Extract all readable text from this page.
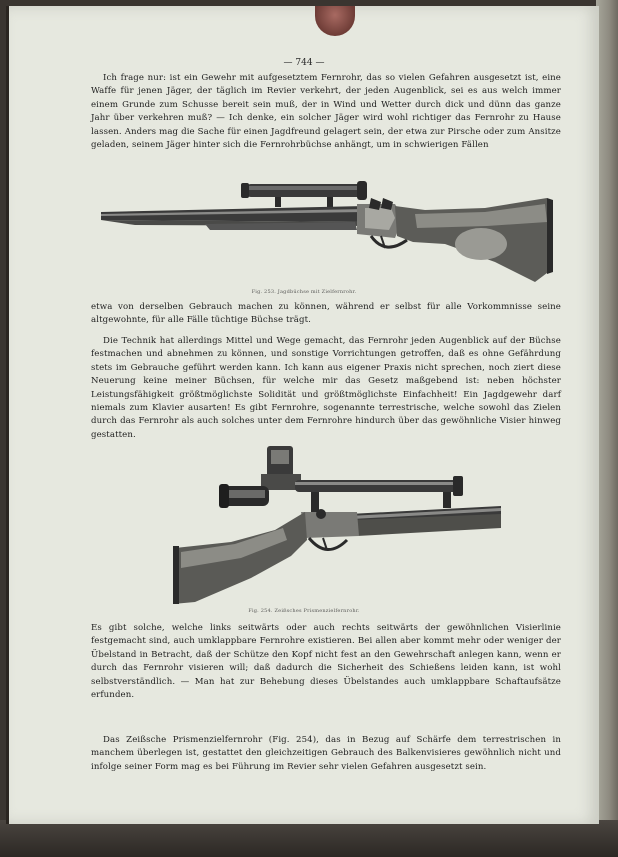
— 744 —

Ich frage nur: ist ein Gewehr mit aufgesetztem Fernrohr, das so vielen Gefahren ausgesetzt ist, eine Waffe für jenen Jäger, der täglich im Revier verkehrt, der jeden Augenblick, sei es aus welch immer einem Grunde zum Schusse bereit sein muß, der in Wind und Wetter durch dick und dünn das ganze Jahr über verkehren muß? — Ich denke, ein solcher Jäger wird wohl richtiger das Fernrohr zu Hause lassen. Anders mag die Sache für einen Jagdfreund gelagert sein, der etwa zur Pirsche oder zum Ansitze geladen, seinem Jäger hinter sich die Fernrohrbüchse anhängt, um in schwierigen Fällen

Fig. 253. Jagdbüchse mit Zielfernrohr.

etwa von derselben Gebrauch machen zu können, während er selbst für alle Vorkommnisse seine altgewohnte, für alle Fälle tüchtige Büchse trägt.

Die Technik hat allerdings Mittel und Wege gemacht, das Fernrohr jeden Augenblick auf der Büchse festmachen und abnehmen zu können, und sonstige Vorrichtungen getroffen, daß es ohne Gefährdung stets im Gebrauche geführt werden kann. Ich kann aus eigener Praxis nicht sprechen, noch ziert diese Neuerung keine meiner Büchsen, für welche mir das Gesetz maßgebend ist: neben höchster Leistungsfähigkeit größtmöglichste Solidität und größtmöglichste Einfachheit! Ein Jagdgewehr darf niemals zum Klavier ausarten! Es gibt Fernrohre, sogenannte terrestrische, welche sowohl das Zielen durch das Fernrohr als auch solches unter dem Fernrohre hindurch über das gewöhnliche Visier hinweg gestatten.

Fig. 254. Zeißsches Prismenzielfernrohr.

Es gibt solche, welche links seitwärts oder auch rechts seitwärts der gewöhnlichen Visierlinie festgemacht sind, auch umklappbare Fernrohre existieren. Bei allen aber kommt mehr oder weniger der Übelstand in Betracht, daß der Schütze den Kopf nicht fest an den Gewehrschaft anlegen kann, wenn er durch das Fernrohr visieren will; daß dadurch die Sicherheit des Schießens leiden kann, ist wohl selbstverständlich. — Man hat zur Behebung dieses Übelstandes auch umklappbare Schaftaufsätze erfunden.

Das Zeißsche Prismenzielfernrohr (Fig. 254), das in Bezug auf Schärfe dem terrestrischen in manchem überlegen ist, gestattet den gleichzeitigen Gebrauch des Balkenvisieres gewöhnlich nicht und infolge seiner Form mag es bei Führung im Revier sehr vielen Gefahren ausgesetzt sein.
